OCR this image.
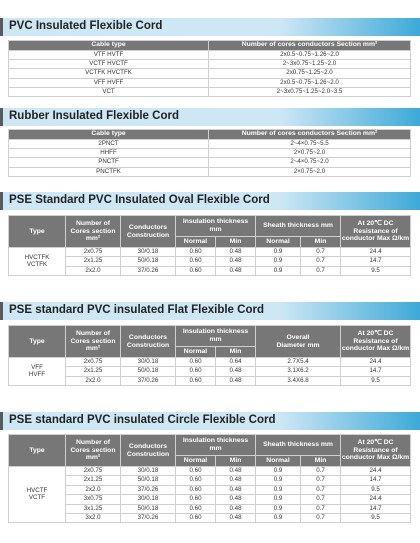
PVC Insulated Flexible Cord
Cable type	Number of cores conductors Section mm²
VTF HVTF	2x0.5~0.75~1.26~2.0
VCTF HVCTF	2~3x0.75~1.25~2.0
VCTFK HVCTFK	2x0.75~1.25~2.0
VFF HVFF	2x0.5~0.75~1.26~2.0
VCT	2~3x0.75~1.25~2.0~3.5
Rubber Insulated Flexible Cord
Cable type	Number of cores conductors Section mm²
2PNCT	2~4×0.75~5.5
HHFF	2×0.75~2.0
PNCTF	2~4×0.75~2.0
PNCTFK	2×0.75~2.0
PSE Standard PVC Insulated Oval Flexible Cord
Type	Number of Cores section mm²	Conductors Construction	Insulation thickness mm		Sheath thickness mm		At 20℃ DC Resistance of conductor Max Ω/km
			Normal	Min	Normal	Min	
HVCTFK VCTFK	2x0.75	30/0.18	0.60	0.48	0.9	0.7	24.4
	2x1.25	50/0.18	0.60	0.48	0.9	0.7	14.7
	2x2.0	37/0.26	0.60	0.48	0.9	0.7	9.5
PSE standard PVC insulated Flat Flexible Cord
Type	Number of Cores section mm²	Conductors Construction	Insulation thickness mm		Overall Diameter mm	At 20℃ DC Resistance of conductor Max Ω/km
			Normal	Min		
VFF HVFF	2x0.75	30/0.18	0.60	0.64	2.7X5.4	24.4
	2x1.25	50/0.18	0.60	0.48	3.1X6.2	14.7
	2x2.0	37/0.26	0.60	0.48	3.4X6.8	9.5
PSE standard PVC insulated Circle Flexible Cord
Type	Number of Cores section mm²	Conductors Construction	Insulation thickness mm		Sheath thickness mm		At 20℃ DC Resistance of conductor Max Ω/km
			Normal	Min	Normal	Min	
HVCTF VCTF	2x0.75	30/0.18	0.60	0.48	0.9	0.7	24.4
	2x1.25	50/0.18	0.60	0.48	0.9	0.7	14.7
	2x2.0	37/0.26	0.60	0.48	0.9	0.7	9.5
	3x0.75	30/0.18	0.60	0.48	0.9	0.7	24.4
	3x1.25	50/0.18	0.60	0.48	0.9	0.7	14.7
	3x2.0	37/0.26	0.60	0.48	0.9	0.7	9.5
